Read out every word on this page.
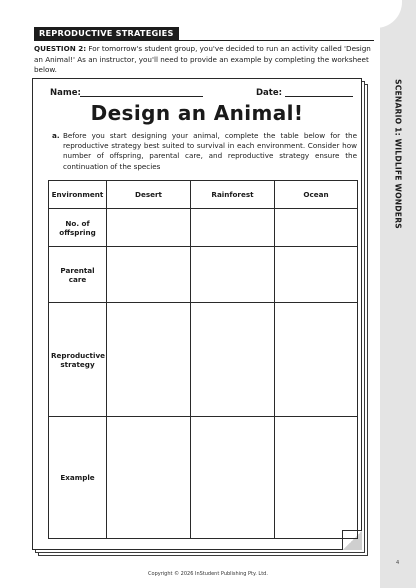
SCENARIO 1: WILDLIFE WONDERS
REPRODUCTIVE STRATEGIES

QUESTION 2: For tomorrow's student group, you've decided to run an activity called 'Design an Animal!' As an instructor, you'll need to provide an example by completing the worksheet below.

Name:	Date:
Design an Animal!
a. Before you start designing your animal, complete the table below for the reproductive strategy best suited to survival in each environment. Consider how number of offspring, parental care, and reproductive strategy ensure the continuation of the species

Environment	Desert	Rainforest	Ocean
No. of offspring			
Parental care			
Reproductive strategy			
Example			
Copyright © 2026 InStudent Publishing Pty. Ltd.
4
